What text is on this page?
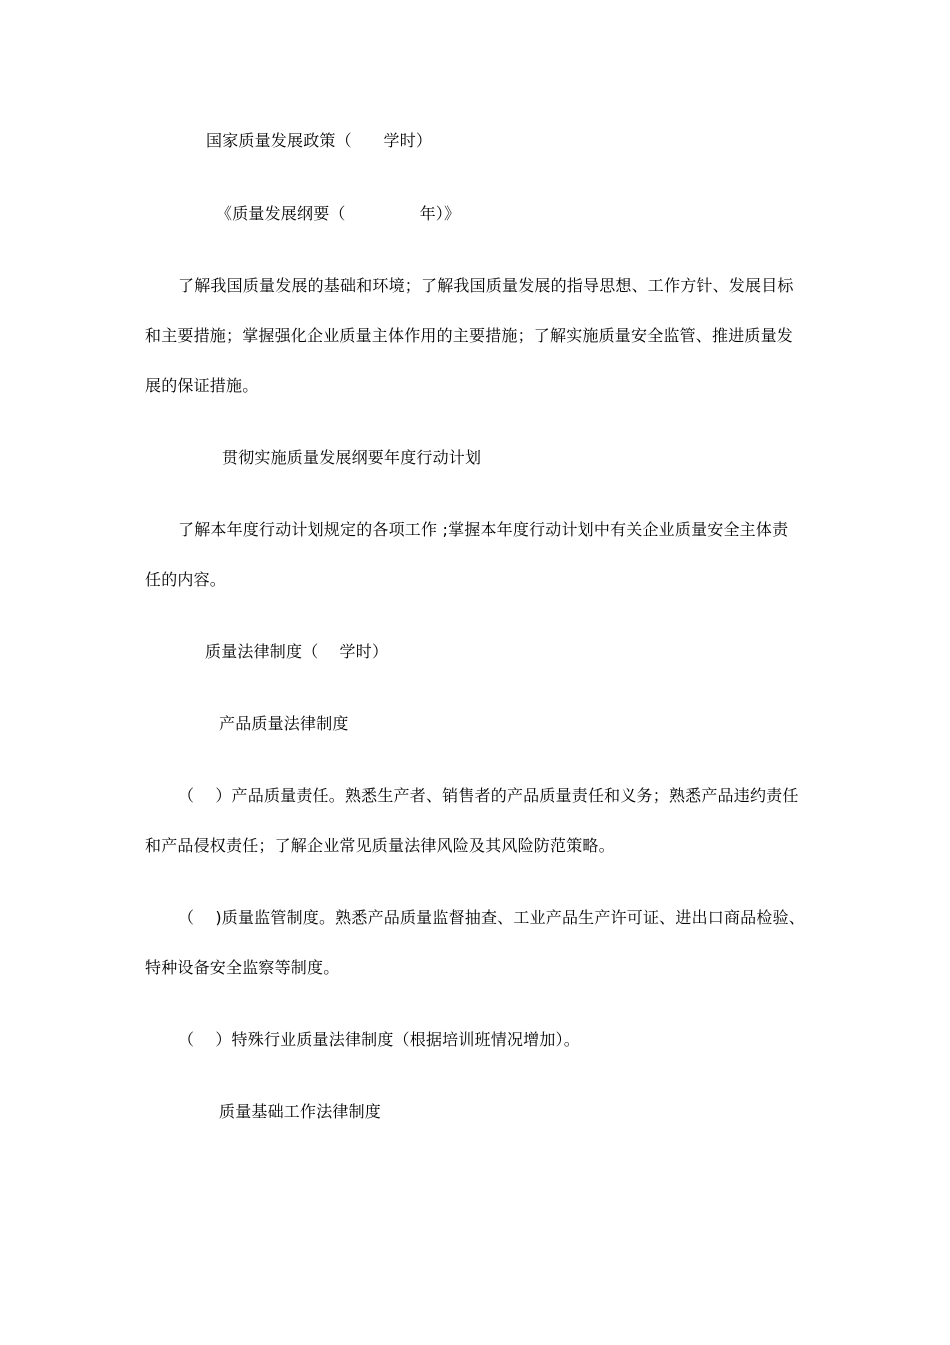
国家质量发展政策（      学时）
《质量发展纲要（              年）》
了解我国质量发展的基础和环境；了解我国质量发展的指导思想、工作方针、发展目标
和主要措施；掌握强化企业质量主体作用的主要措施；了解实施质量安全监管、推进质量发
展的保证措施。
贯彻实施质量发展纲要年度行动计划
了解本年度行动计划规定的各项工作 ;掌握本年度行动计划中有关企业质量安全主体责
任的内容。
质量法律制度（    学时）
产品质量法律制度
（    ）产品质量责任。熟悉生产者、销售者的产品质量责任和义务；熟悉产品违约责任
和产品侵权责任；了解企业常见质量法律风险及其风险防范策略。
（    )质量监管制度。熟悉产品质量监督抽查、工业产品生产许可证、进出口商品检验、
特种设备安全监察等制度。
（    ）特殊行业质量法律制度（根据培训班情况增加）。
质量基础工作法律制度
